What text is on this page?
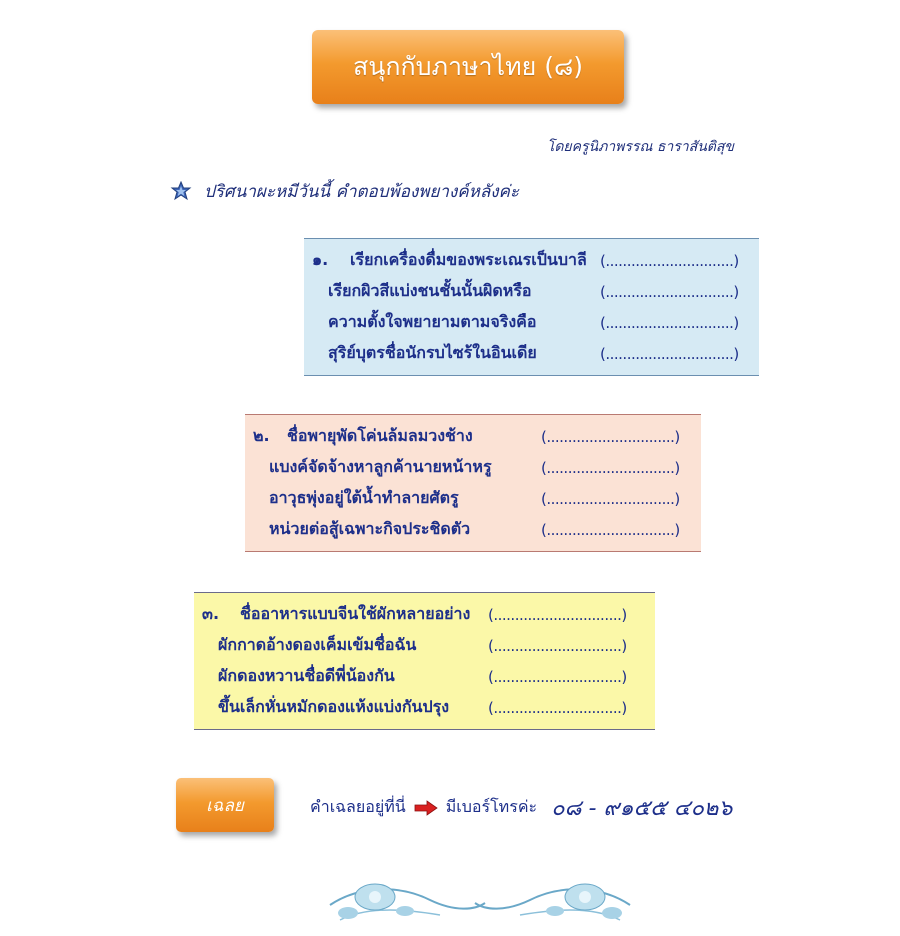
สนุกกับภาษาไทย (๘)
โดยครูนิภาพรรณ ธาราสันติสุข
ปริศนาผะหมีวันนี้ คำตอบพ้องพยางค์หลังค่ะ
๑.	เรียกเครื่องดื่มของพระเณรเป็นบาลี (..............................)
เรียกผิวสีแบ่งชนชั้นนั้นผิดหรือ	(..............................)
ความตั้งใจพยายามตามจริงคือ	(..............................)
สุริย์บุตรชื่อนักรบไซร้ในอินเดีย	(..............................)
๒.	ชื่อพายุพัดโค่นล้มลมวงช้าง	(..............................)
แบงค์จัดจ้างหาลูกค้านายหน้าหรู	(..............................)
อาวุธพุ่งอยู่ใต้น้ำทำลายศัตรู	(..............................)
หน่วยต่อสู้เฉพาะกิจประชิดตัว	(..............................)
๓.	ชื่ออาหารแบบจีนใช้ผักหลายอย่าง (..............................)
ผักกาดอ้างดองเค็มเข้มชื่อฉัน	(..............................)
ผักดองหวานชื่อดีพี่น้องกัน	(..............................)
ขึ้นเล็กหั่นหมักดองแห้งแบ่งกันปรุง	(..............................)
เฉลย	คำเฉลยอยู่ที่นี่	มีเบอร์โทรค่ะ ๐๘ - ๙๑๕๕ ๔๐๒๖
